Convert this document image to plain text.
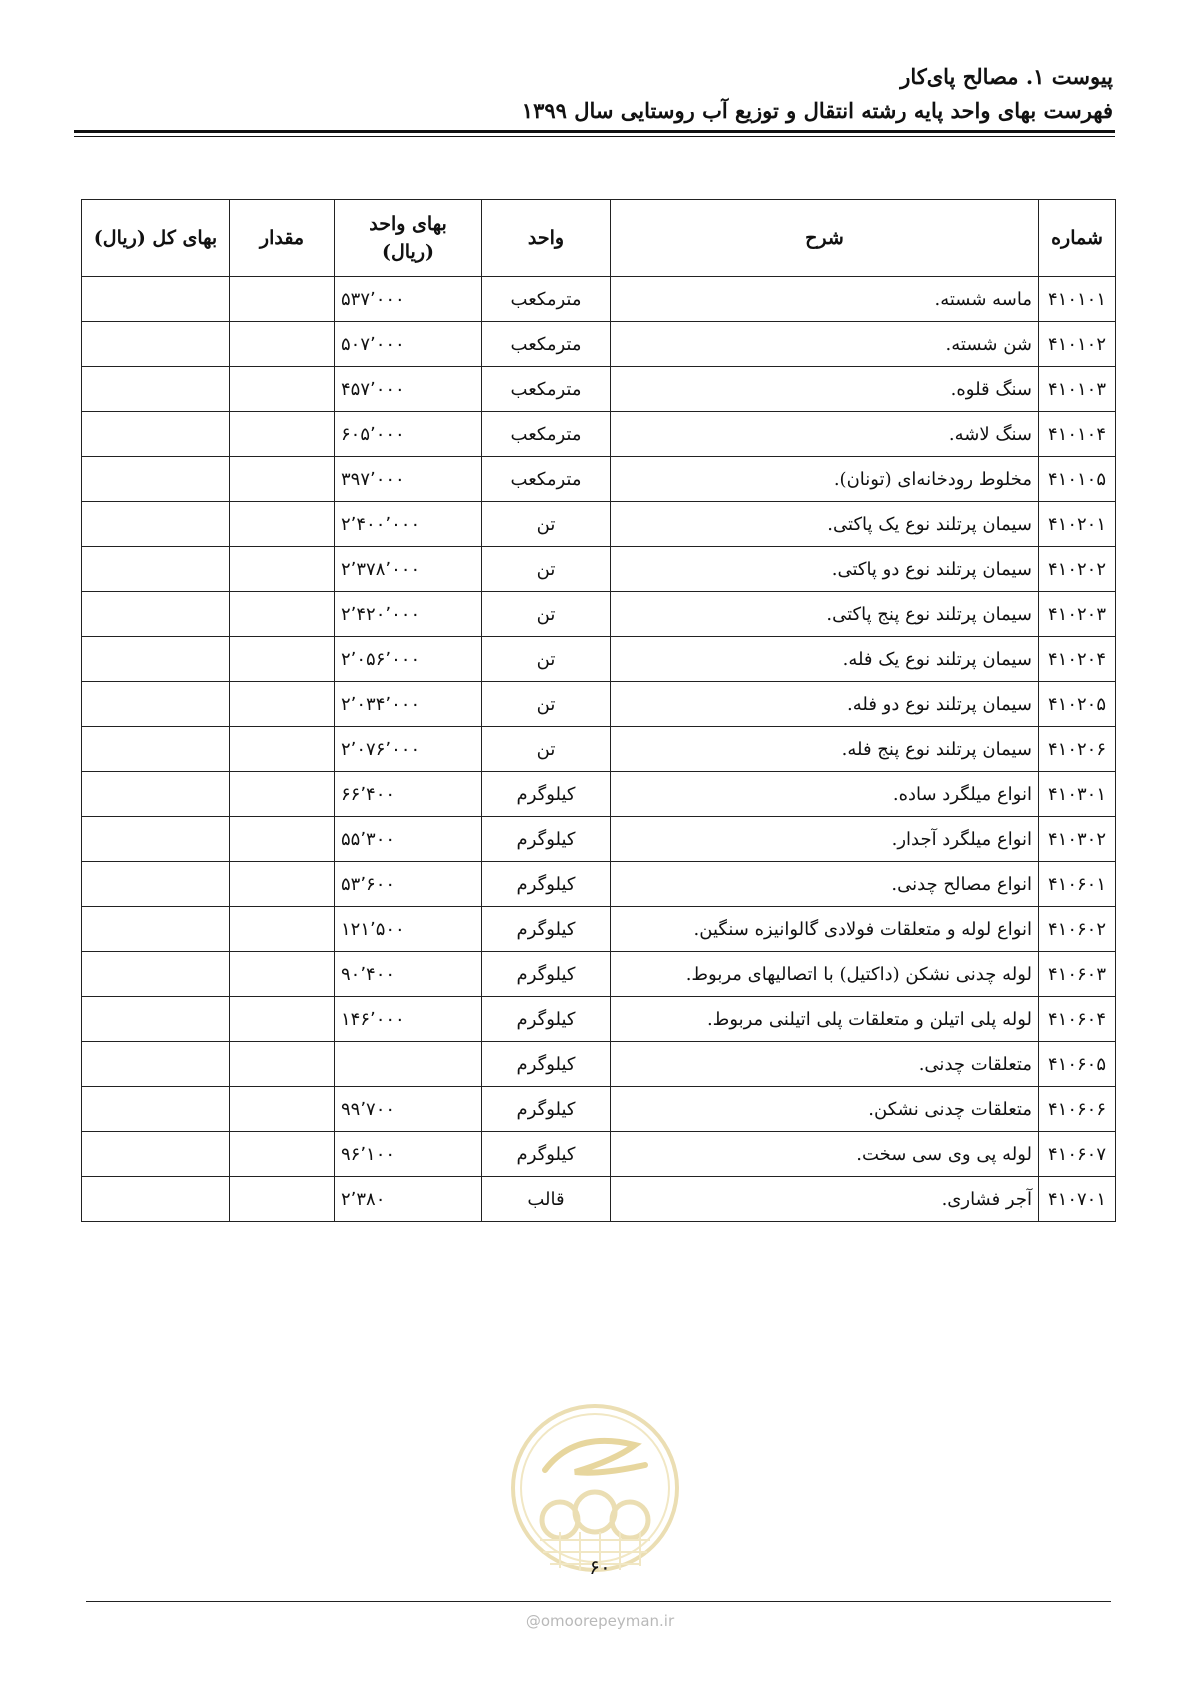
پیوست ۱. مصالح پای‌کار
فهرست بهای واحد پایه رشته انتقال و توزیع آب روستایی سال ۱۳۹۹
شماره	شرح	واحد	بهای واحد
(ریال)	مقدار	بهای کل (ریال)
۴۱۰۱۰۱	ماسه شسته.	مترمکعب	۵۳۷٬۰۰۰		
۴۱۰۱۰۲	شن شسته.	مترمکعب	۵۰۷٬۰۰۰		
۴۱۰۱۰۳	سنگ قلوه.	مترمکعب	۴۵۷٬۰۰۰		
۴۱۰۱۰۴	سنگ لاشه.	مترمکعب	۶۰۵٬۰۰۰		
۴۱۰۱۰۵	مخلوط رودخانه‌ای (تونان).	مترمکعب	۳۹۷٬۰۰۰		
۴۱۰۲۰۱	سیمان پرتلند نوع یک پاکتی.	تن	۲٬۴۰۰٬۰۰۰		
۴۱۰۲۰۲	سیمان پرتلند نوع دو پاکتی.	تن	۲٬۳۷۸٬۰۰۰		
۴۱۰۲۰۳	سیمان پرتلند نوع پنج پاکتی.	تن	۲٬۴۲۰٬۰۰۰		
۴۱۰۲۰۴	سیمان پرتلند نوع یک فله.	تن	۲٬۰۵۶٬۰۰۰		
۴۱۰۲۰۵	سیمان پرتلند نوع دو فله.	تن	۲٬۰۳۴٬۰۰۰		
۴۱۰۲۰۶	سیمان پرتلند نوع پنج فله.	تن	۲٬۰۷۶٬۰۰۰		
۴۱۰۳۰۱	انواع میلگرد ساده.	کیلوگرم	۶۶٬۴۰۰		
۴۱۰۳۰۲	انواع میلگرد آجدار.	کیلوگرم	۵۵٬۳۰۰		
۴۱۰۶۰۱	انواع مصالح چدنی.	کیلوگرم	۵۳٬۶۰۰		
۴۱۰۶۰۲	انواع لوله و متعلقات فولادی گالوانیزه سنگین.	کیلوگرم	۱۲۱٬۵۰۰		
۴۱۰۶۰۳	لوله چدنی نشکن (داکتیل) با اتصالیهای مربوط.	کیلوگرم	۹۰٬۴۰۰		
۴۱۰۶۰۴	لوله پلی اتیلن و متعلقات پلی اتیلنی مربوط.	کیلوگرم	۱۴۶٬۰۰۰		
۴۱۰۶۰۵	متعلقات چدنی.	کیلوگرم			
۴۱۰۶۰۶	متعلقات چدنی نشکن.	کیلوگرم	۹۹٬۷۰۰		
۴۱۰۶۰۷	لوله پی وی سی سخت.	کیلوگرم	۹۶٬۱۰۰		
۴۱۰۷۰۱	آجر فشاری.	قالب	۲٬۳۸۰		
۶۰
@omoorepeyman.ir
